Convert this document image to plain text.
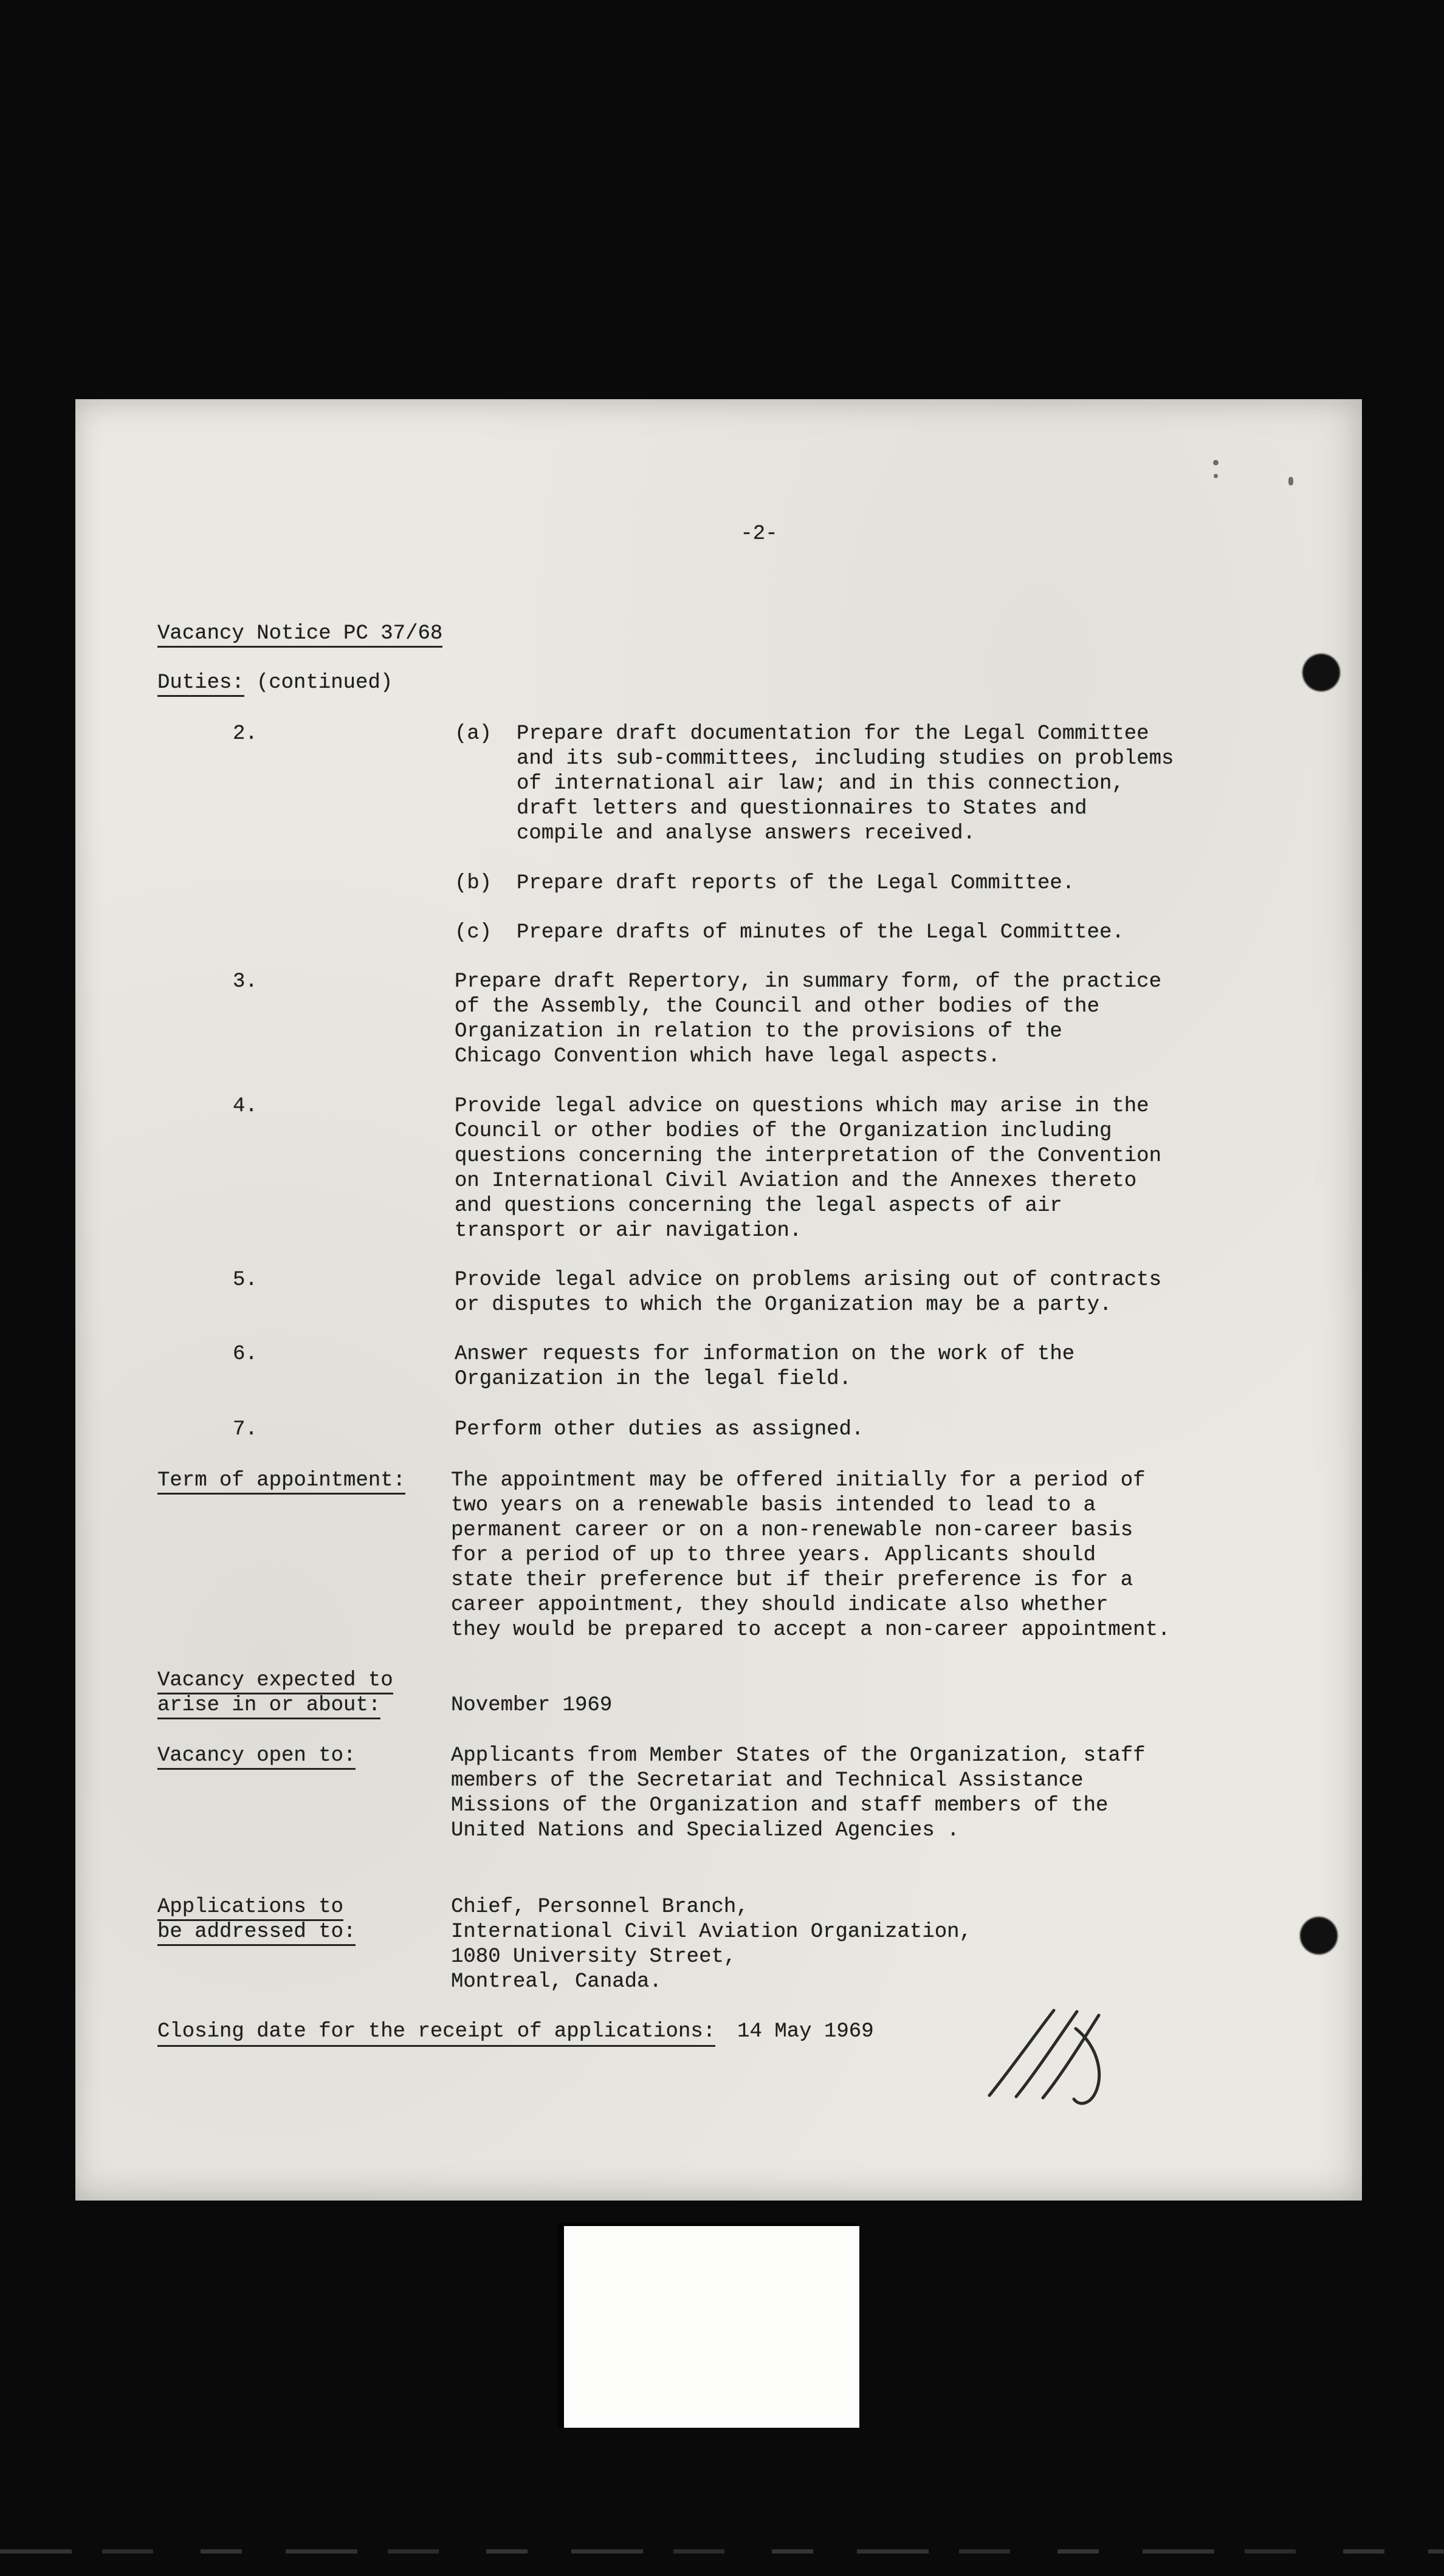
-2-
Vacancy Notice PC 37/68
Duties: (continued)
2.	(a)	Prepare draft documentation for the Legal Committee
and its sub-committees, including studies on problems
of international air law; and in this connection,
draft letters and questionnaires to States and
compile and analyse answers received.
(b)	Prepare draft reports of the Legal Committee.
(c)	Prepare drafts of minutes of the Legal Committee.
3.	Prepare draft Repertory, in summary form, of the practice
of the Assembly, the Council and other bodies of the
Organization in relation to the provisions of the
Chicago Convention which have legal aspects.
4.	Provide legal advice on questions which may arise in the
Council or other bodies of the Organization including
questions concerning the interpretation of the Convention
on International Civil Aviation and the Annexes thereto
and questions concerning the legal aspects of air
transport or air navigation.
5.	Provide legal advice on problems arising out of contracts
or disputes to which the Organization may be a party.
6.	Answer requests for information on the work of the
Organization in the legal field.
7.	Perform other duties as assigned.
Term of appointment:	The appointment may be offered initially for a period of
two years on a renewable basis intended to lead to a
permanent career or on a non-renewable non-career basis
for a period of up to three years. Applicants should
state their preference but if their preference is for a
career appointment, they should indicate also whether
they would be prepared to accept a non-career appointment.
Vacancy expected to
arise in or about:	November 1969
Vacancy open to:	Applicants from Member States of the Organization, staff
members of the Secretariat and Technical Assistance
Missions of the Organization and staff members of the
United Nations and Specialized Agencies .
Applications to
be addressed to:
Chief, Personnel Branch,
International Civil Aviation Organization,
1080 University Street,
Montreal, Canada.
Closing date for the receipt of applications: 14 May 1969
